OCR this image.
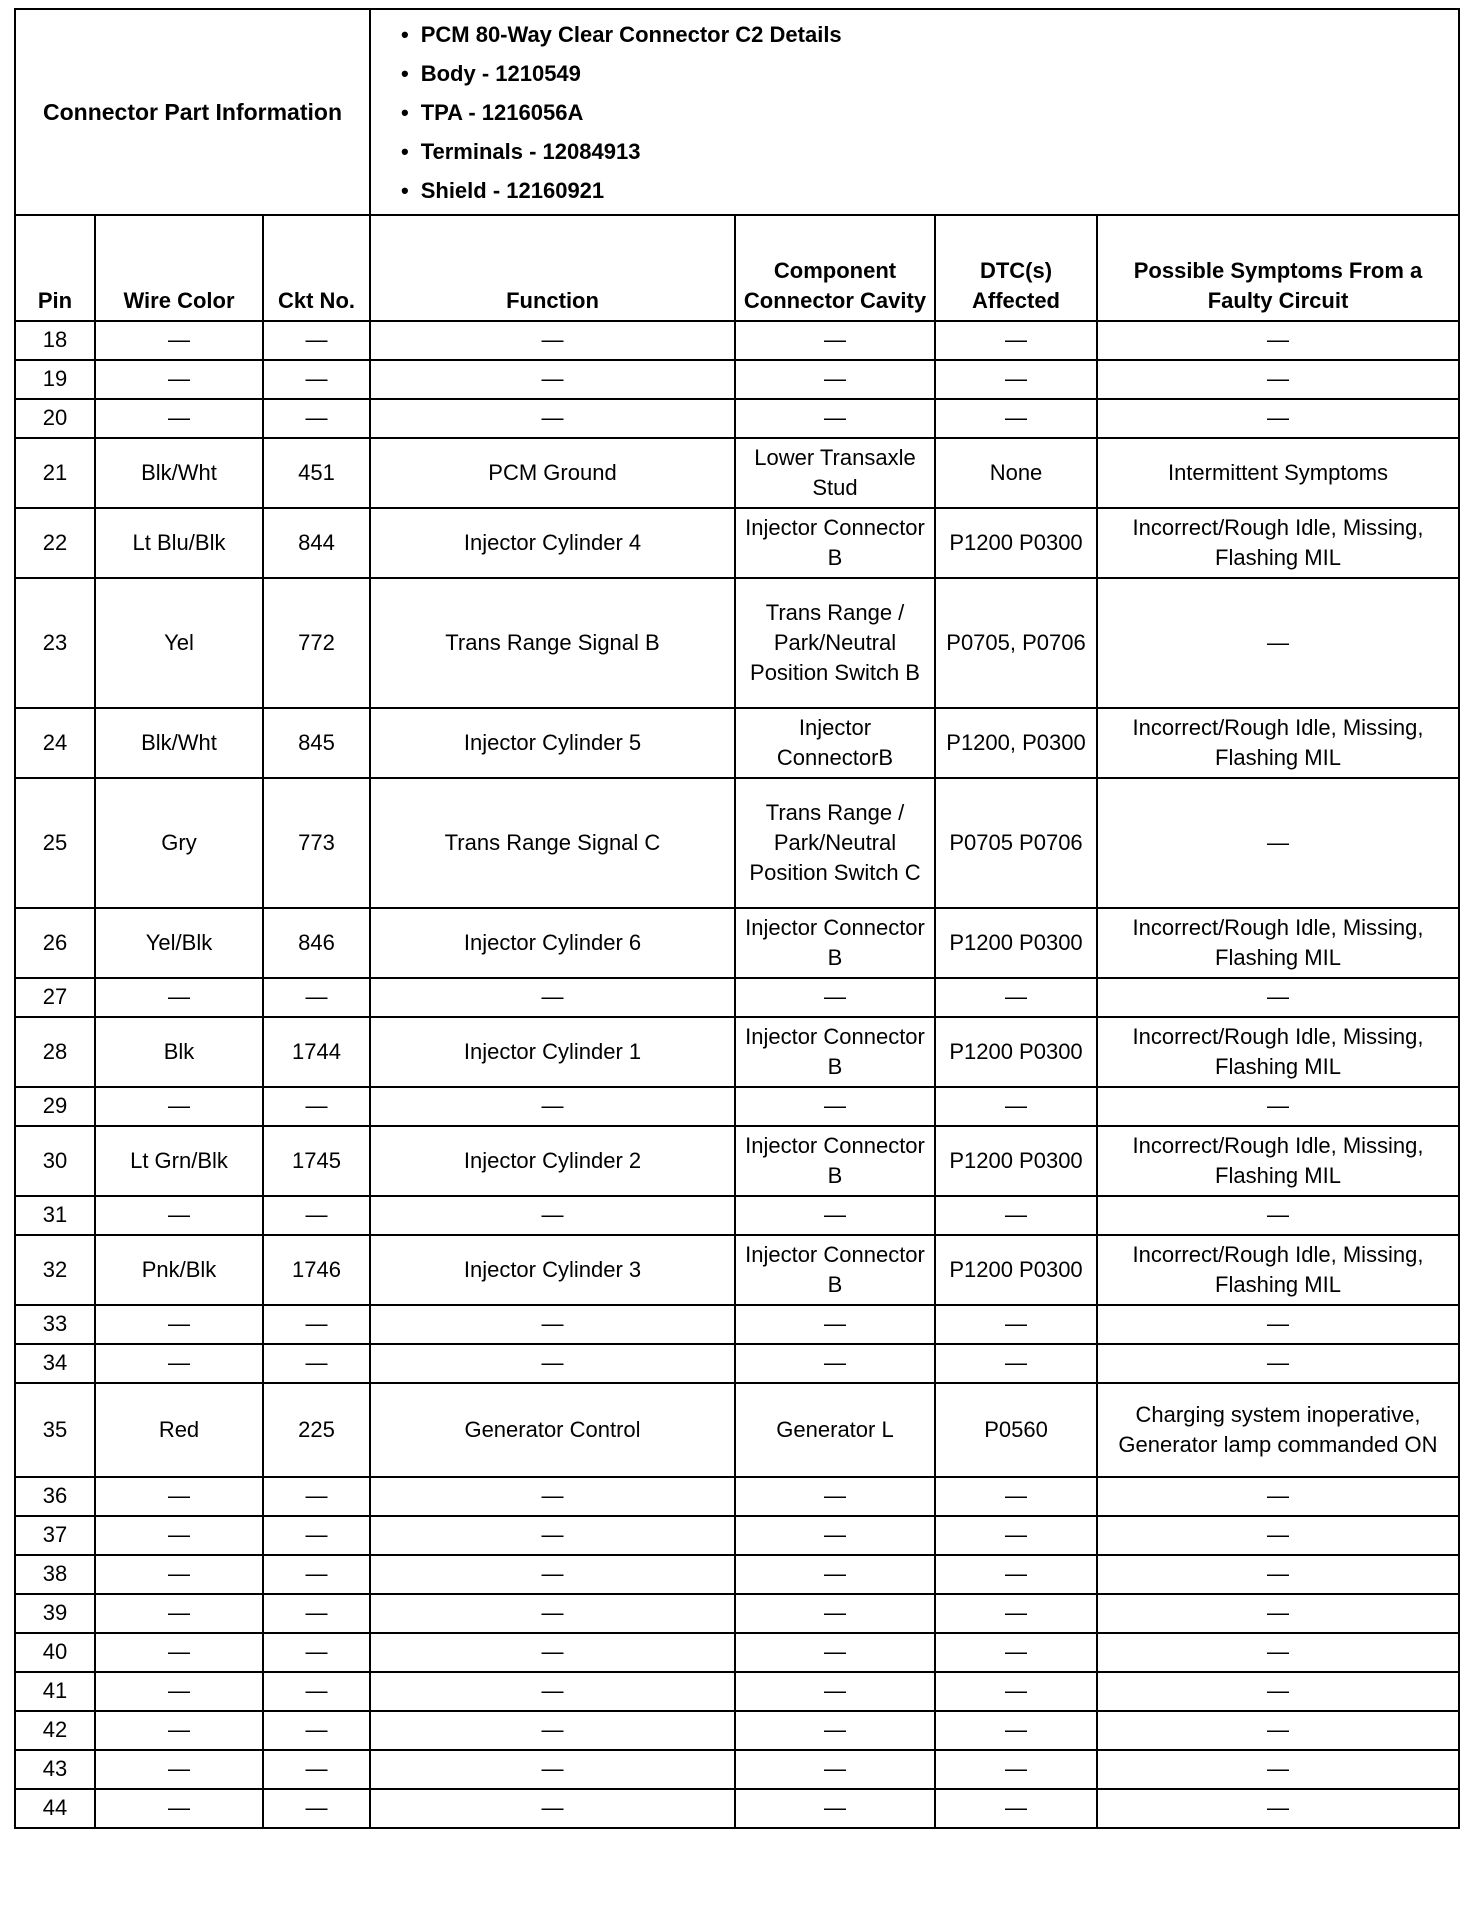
Connector Part Information	
• PCM 80-Way Clear Connector C2 Details
• Body - 1210549
• TPA - 1216056A
• Terminals - 12084913
• Shield - 12160921
Pin	Wire Color	Ckt No.	Function	Component Connector Cavity	DTC(s) Affected	Possible Symptoms From a Faulty Circuit
18	—	—	—	—	—	—
19	—	—	—	—	—	—
20	—	—	—	—	—	—
21	Blk/Wht	451	PCM Ground	Lower Transaxle Stud	None	Intermittent Symptoms
22	Lt Blu/Blk	844	Injector Cylinder 4	Injector Connector B	P1200 P0300	Incorrect/Rough Idle, Missing, Flashing MIL
23	Yel	772	Trans Range Signal B	Trans Range / Park/Neutral Position Switch B	P0705, P0706	—
24	Blk/Wht	845	Injector Cylinder 5	Injector ConnectorB	P1200, P0300	Incorrect/Rough Idle, Missing, Flashing MIL
25	Gry	773	Trans Range Signal C	Trans Range / Park/Neutral Position Switch C	P0705 P0706	—
26	Yel/Blk	846	Injector Cylinder 6	Injector Connector B	P1200 P0300	Incorrect/Rough Idle, Missing, Flashing MIL
27	—	—	—	—	—	—
28	Blk	1744	Injector Cylinder 1	Injector Connector B	P1200 P0300	Incorrect/Rough Idle, Missing, Flashing MIL
29	—	—	—	—	—	—
30	Lt Grn/Blk	1745	Injector Cylinder 2	Injector Connector B	P1200 P0300	Incorrect/Rough Idle, Missing, Flashing MIL
31	—	—	—	—	—	—
32	Pnk/Blk	1746	Injector Cylinder 3	Injector Connector B	P1200 P0300	Incorrect/Rough Idle, Missing, Flashing MIL
33	—	—	—	—	—	—
34	—	—	—	—	—	—
35	Red	225	Generator Control	Generator L	P0560	Charging system inoperative, Generator lamp commanded ON
36	—	—	—	—	—	—
37	—	—	—	—	—	—
38	—	—	—	—	—	—
39	—	—	—	—	—	—
40	—	—	—	—	—	—
41	—	—	—	—	—	—
42	—	—	—	—	—	—
43	—	—	—	—	—	—
44	—	—	—	—	—	—
